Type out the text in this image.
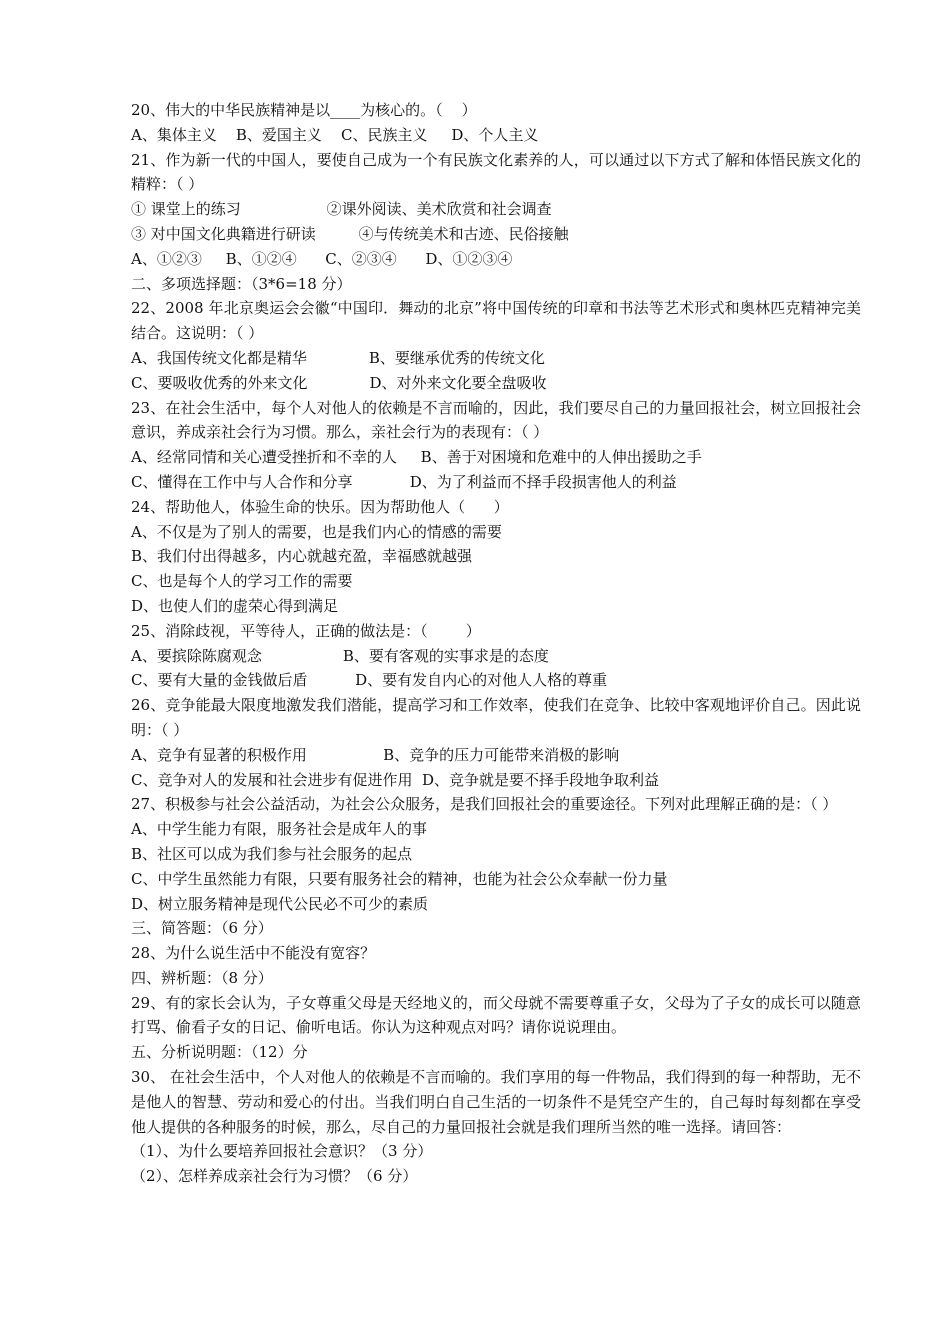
20、伟大的中华民族精神是以____为核心的。（    ）
A、集体主义    B、爱国主义    C、民族主义     D、个人主义
21、作为新一代的中国人，要使自己成为一个有民族文化素养的人，可以通过以下方式了解和体悟民族文化的精粹：（ ）
① 课堂上的练习                  ②课外阅读、美术欣赏和社会调查
③ 对中国文化典籍进行研读         ④与传统美术和古迹、民俗接触
A、①②③     B、①②④      C、②③④      D、①②③④
二、多项选择题：（3*6=18 分）
22、2008 年北京奥运会会徽“中国印．舞动的北京”将中国传统的印章和书法等艺术形式和奥林匹克精神完美结合。这说明：（ ）
A、我国传统文化都是精华             B、要继承优秀的传统文化
C、要吸收优秀的外来文化             D、对外来文化要全盘吸收
23、在社会生活中，每个人对他人的依赖是不言而喻的，因此，我们要尽自己的力量回报社会，树立回报社会意识，养成亲社会行为习惯。那么，亲社会行为的表现有：（ ）
A、经常同情和关心遭受挫折和不幸的人     B、善于对困境和危难中的人伸出援助之手
C、懂得在工作中与人合作和分享            D、为了利益而不择手段损害他人的利益
24、帮助他人，体验生命的快乐。因为帮助他人（      ）
A、不仅是为了别人的需要，也是我们内心的情感的需要
B、我们付出得越多，内心就越充盈，幸福感就越强
C、也是每个人的学习工作的需要
D、也使人们的虚荣心得到满足
25、消除歧视，平等待人，正确的做法是：（        ）
A、要摈除陈腐观念                 B、要有客观的实事求是的态度
C、要有大量的金钱做后盾          D、要有发自内心的对他人人格的尊重
26、竞争能最大限度地激发我们潜能，提高学习和工作效率，使我们在竞争、比较中客观地评价自己。因此说明：（ ）
A、竞争有显著的积极作用                B、竞争的压力可能带来消极的影响
C、竞争对人的发展和社会进步有促进作用  D、竞争就是要不择手段地争取利益
27、积极参与社会公益活动，为社会公众服务，是我们回报社会的重要途径。下列对此理解正确的是：（ ）
A、中学生能力有限，服务社会是成年人的事
B、社区可以成为我们参与社会服务的起点
C、中学生虽然能力有限，只要有服务社会的精神，也能为社会公众奉献一份力量
D、树立服务精神是现代公民必不可少的素质
三、简答题：（6 分）
28、为什么说生活中不能没有宽容？
四、辨析题：（8 分）
29、有的家长会认为，子女尊重父母是天经地义的，而父母就不需要尊重子女，父母为了子女的成长可以随意打骂、偷看子女的日记、偷听电话。你认为这种观点对吗？请你说说理由。
五、分析说明题：（12）分
30、 在社会生活中，个人对他人的依赖是不言而喻的。我们享用的每一件物品，我们得到的每一种帮助，无不是他人的智慧、劳动和爱心的付出。当我们明白自己生活的一切条件不是凭空产生的，自己每时每刻都在享受他人提供的各种服务的时候，那么，尽自己的力量回报社会就是我们理所当然的唯一选择。请回答：
（1）、为什么要培养回报社会意识？（3 分）
（2）、怎样养成亲社会行为习惯？（6 分）
